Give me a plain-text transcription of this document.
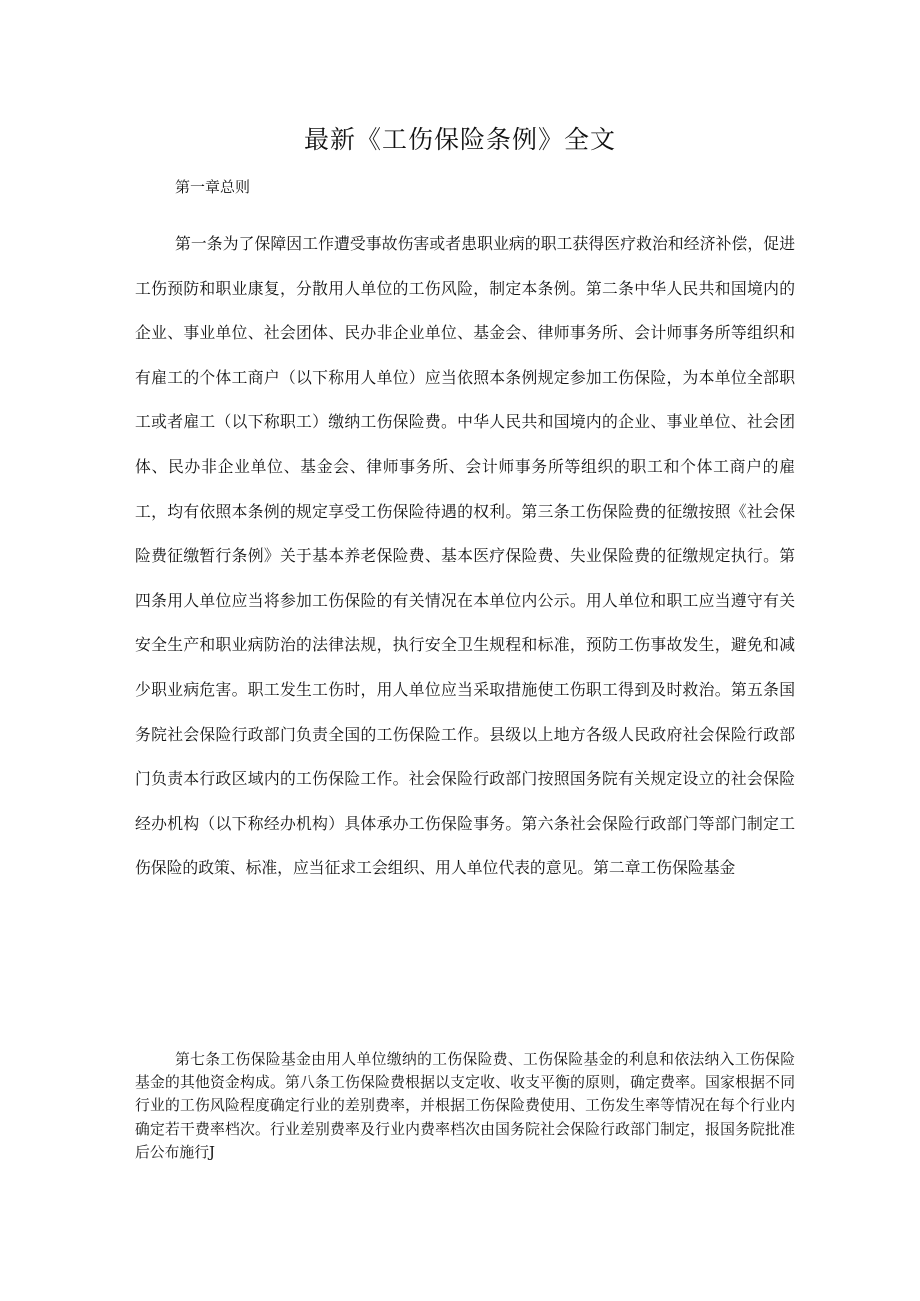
最新《工伤保险条例》全文

第一章总则

第一条为了保障因工作遭受事故伤害或者患职业病的职工获得医疗救治和经济补偿，促进工伤预防和职业康复，分散用人单位的工伤风险，制定本条例。第二条中华人民共和国境内的企业、事业单位、社会团体、民办非企业单位、基金会、律师事务所、会计师事务所等组织和有雇工的个体工商户（以下称用人单位）应当依照本条例规定参加工伤保险，为本单位全部职工或者雇工（以下称职工）缴纳工伤保险费。中华人民共和国境内的企业、事业单位、社会团体、民办非企业单位、基金会、律师事务所、会计师事务所等组织的职工和个体工商户的雇工，均有依照本条例的规定享受工伤保险待遇的权利。第三条工伤保险费的征缴按照《社会保险费征缴暂行条例》关于基本养老保险费、基本医疗保险费、失业保险费的征缴规定执行。第四条用人单位应当将参加工伤保险的有关情况在本单位内公示。用人单位和职工应当遵守有关安全生产和职业病防治的法律法规，执行安全卫生规程和标准，预防工伤事故发生，避免和减少职业病危害。职工发生工伤时，用人单位应当采取措施使工伤职工得到及时救治。第五条国务院社会保险行政部门负责全国的工伤保险工作。县级以上地方各级人民政府社会保险行政部门负责本行政区域内的工伤保险工作。社会保险行政部门按照国务院有关规定设立的社会保险经办机构（以下称经办机构）具体承办工伤保险事务。第六条社会保险行政部门等部门制定工伤保险的政策、标准，应当征求工会组织、用人单位代表的意见。第二章工伤保险基金

第七条工伤保险基金由用人单位缴纳的工伤保险费、工伤保险基金的利息和依法纳入工伤保险基金的其他资金构成。第八条工伤保险费根据以支定收、收支平衡的原则，确定费率。国家根据不同行业的工伤风险程度确定行业的差别费率，并根据工伤保险费使用、工伤发生率等情况在每个行业内确定若干费率档次。行业差别费率及行业内费率档次由国务院社会保险行政部门制定，报国务院批准后公布施行J
